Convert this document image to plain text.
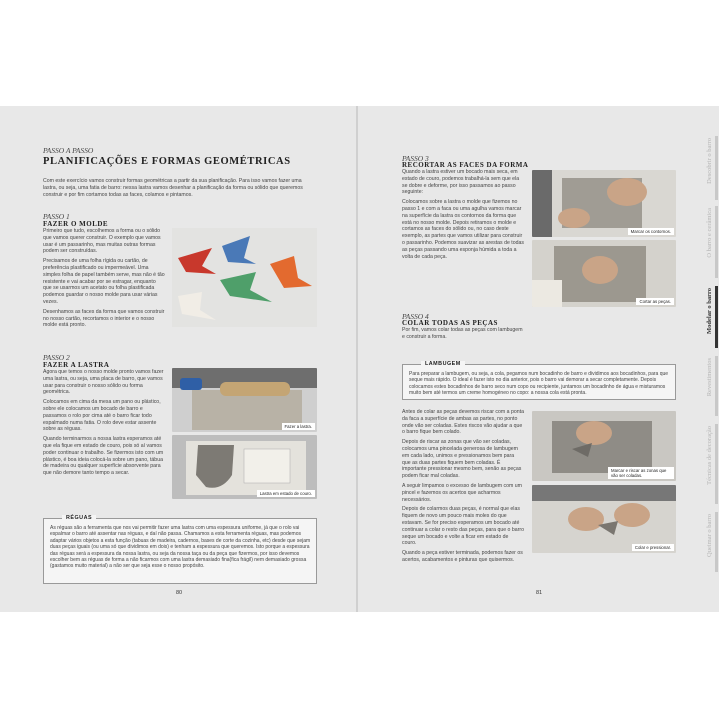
PASSO A PASSO
PLANIFICAÇÕES E FORMAS GEOMÉTRICAS
Com este exercício vamos construir formas geométricas a partir da sua planificação. Para isso vamos fazer uma lastra, ou seja, uma fatia de barro: nessa lastra vamos desenhar a planificação da forma ou sólido que queremos construir e por fim cortamos todas as faces, colamos e pintamos.
PASSO 1
FAZER O MOLDE
Primeiro que tudo, escolhemos a forma ou o sólido que vamos querer construir. O exemplo que vamos usar é um passarinho, mas muitas outras formas podem ser construídas.
Precisamos de uma folha rígida ou cartão, de preferência plastificado ou impermeável. Uma simples folha de papel também serve, mas não é tão resistente e vai acabar por se estragar, enquanto que se usarmos um acetato ou folha plastificada podemos guardar o nosso molde para usar várias vezes.
Desenhamos as faces da forma que vamos construir no nosso cartão, recortamos o interior e o nosso molde está pronto.
PASSO 2
FAZER A LASTRA
Agora que temos o nosso molde pronto vamos fazer uma lastra, ou seja, uma placa de barro, que vamos usar para construir o nosso sólido ou forma geométrica.
Colocamos em cima da mesa um pano ou plástico, sobre ele colocamos um bocado de barro e passamos o rolo por cima até o barro ficar todo espalmado numa fatia. O rolo deve estar assente sobre as réguas.
Quando terminarmos a nossa lastra esperamos até que ela fique em estado de couro, pois só aí vamos poder continuar o trabalho. Se fizermos isto com um plástico, é boa ideia colocá-la sobre um pano, tábua de madeira ou qualquer superfície absorvente para que não demore tanto tempo a secar.
Fazer a lastra.
Lastra em estado de couro.
RÉGUAS
As réguas são a ferramenta que nos vai permitir fazer uma lastra com uma espessura uniforme, já que o rolo vai espalmar o barro até assentar nas réguas, e daí não passa. Chamamos a esta ferramenta réguas, mas podemos adaptar vários objetos a esta função (tabuas de madeira, cadernos, bases de corte da cozinha, etc) desde que sejam duas peças iguais (ou uma só que dividimos em dois) e tenham a espessura que queremos. Isto porque a espessura das réguas será a espessura da nossa lastra, ou seja da nossa taça ou da peça que fizermos, por isso devemos escolher bem as réguas de forma a não ficarmos com uma lastra demasiado fina(fica frágil) nem demasiado grossa (gastamos muito material) a não ser que seja esse o nosso propósito.
80
PASSO 3
RECORTAR AS FACES DA FORMA
Quando a lastra estiver um bocado mais seca, em estado de couro, podemos trabalhá-la sem que ela se dobre e deforme, por isso passamos ao passo seguinte:
Colocamos sobre a lastra o molde que fizemos no passo 1 e com a faca ou uma agulha vamos marcar na superfície da lastra os contornos da forma que está no nosso molde. Depois retiramos o molde e cortamos as faces do sólido ou, no caso deste exemplo, as partes que vamos utilizar para construir o passarinho. Podemos suavizar as arestas de todas as peças passando uma esponja húmida a toda a volta de cada peça.
Marcar os contornos.
Cortar as peças.
PASSO 4
COLAR TODAS AS PEÇAS
Por fim, vamos colar todas as peças com lambugem e construir a forma.
LAMBUGEM
Para preparar a lambugem, ou seja, a cola, pegamos num bocadinho de barro e dividimos aos bocadinhos, para que seque mais rápido. O ideal é fazer isto no dia anterior, pois o barro vai demorar a secar completamente. Depois colocamos estes bocadinhos de barro seco num copo ou recipiente, juntamos um bocadinho de água e misturamos muito bem até termos um creme homogéneo no copo: a nossa cola está pronta.
Antes de colar as peças devemos riscar com a ponta da faca a superfície de ambas as partes, no ponto onde vão ser coladas. Estes riscos vão ajudar a que o barro fique bem colado.
Depois de riscar as zonas que vão ser coladas, colocamos uma pincelada generosa de lambugem em cada lado, unimos e pressionamos bem para que as duas partes fiquem bem coladas. É importante pressionar mesmo bem, senão as peças podem ficar mal coladas.
A seguir limpamos o excesso de lambugem com um pincel e fazemos os acertos que acharmos necessários.
Depois de colarmos duas peças, é normal que elas fiquem de novo um pouco mais moles do que estavam. Se for preciso esperamos um bocado até continuar a colar o resto das peças, para que o barro seque um bocado e volte a ficar em estado de couro.
Quando a peça estiver terminada, podemos fazer os acertos, acabamentos e pinturas que quisermos.
Marcar e riscar as zonas que vão ser coladas.
Colar e pressionar.
81
Descobrir o barro
O barro e cerâmica
Modelar o barro
Revestimentos
Técnicas de decoração
Queimar o barro
